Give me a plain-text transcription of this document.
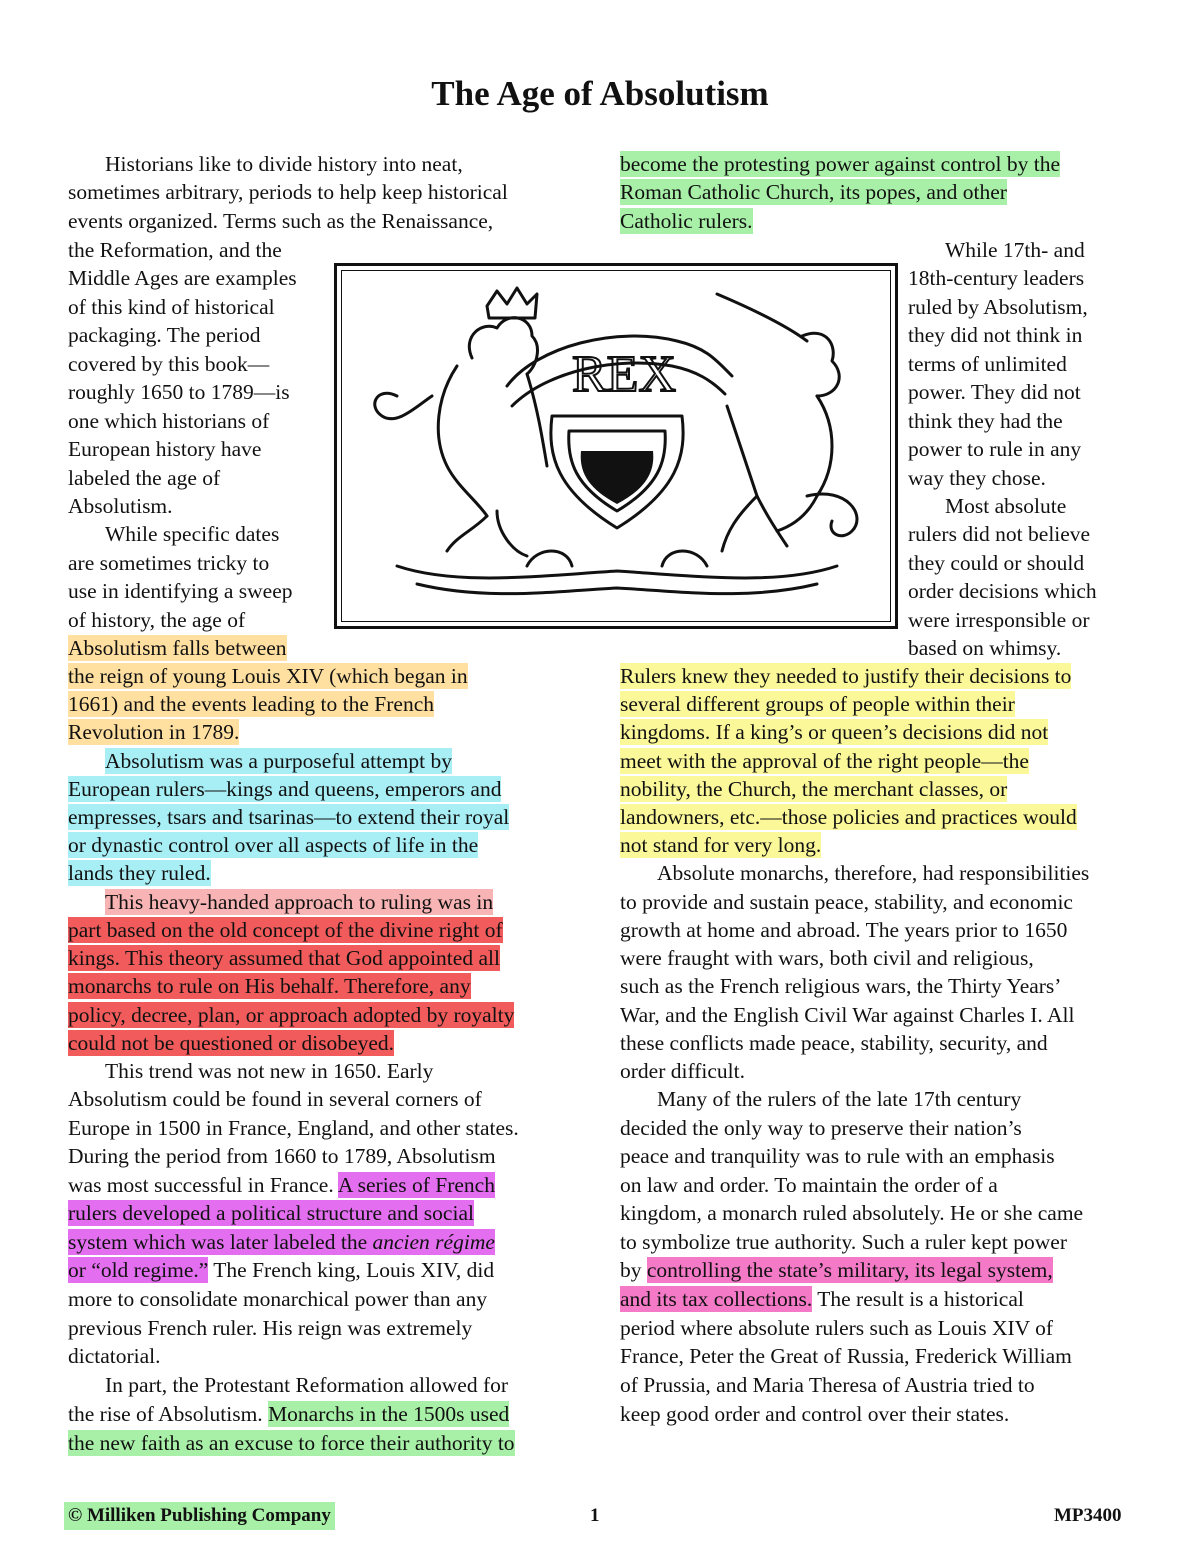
The Age of Absolutism
Historians like to divide history into neat,
sometimes arbitrary, periods to help keep historical
events organized. Terms such as the Renaissance,
the Reformation, and the
Middle Ages are examples
of this kind of historical
packaging. The period
covered by this book—
roughly 1650 to 1789—is
one which historians of
European history have
labeled the age of
Absolutism.
While specific dates
are sometimes tricky to
use in identifying a sweep
of history, the age of
Absolutism falls between
the reign of young Louis XIV (which began in
1661) and the events leading to the French
Revolution in 1789.
Absolutism was a purposeful attempt by
European rulers—kings and queens, emperors and
empresses, tsars and tsarinas—to extend their royal
or dynastic control over all aspects of life in the
lands they ruled.
This heavy-handed approach to ruling was in
part based on the old concept of the divine right of
kings. This theory assumed that God appointed all
monarchs to rule on His behalf. Therefore, any
policy, decree, plan, or approach adopted by royalty
could not be questioned or disobeyed.
This trend was not new in 1650. Early
Absolutism could be found in several corners of
Europe in 1500 in France, England, and other states.
During the period from 1660 to 1789, Absolutism
was most successful in France. A series of French
rulers developed a political structure and social
system which was later labeled the ancien régime
or “old regime.” The French king, Louis XIV, did
more to consolidate monarchical power than any
previous French ruler. His reign was extremely
dictatorial.
In part, the Protestant Reformation allowed for
the rise of Absolutism. Monarchs in the 1500s used
the new faith as an excuse to force their authority to
REX
become the protesting power against control by the
Roman Catholic Church, its popes, and other
Catholic rulers.
While 17th- and
18th-century leaders
ruled by Absolutism,
they did not think in
terms of unlimited
power. They did not
think they had the
power to rule in any
way they chose.
Most absolute
rulers did not believe
they could or should
order decisions which
were irresponsible or
based on whimsy.
Rulers knew they needed to justify their decisions to
several different groups of people within their
kingdoms. If a king’s or queen’s decisions did not
meet with the approval of the right people—the
nobility, the Church, the merchant classes, or
landowners, etc.—those policies and practices would
not stand for very long.
Absolute monarchs, therefore, had responsibilities
to provide and sustain peace, stability, and economic
growth at home and abroad. The years prior to 1650
were fraught with wars, both civil and religious,
such as the French religious wars, the Thirty Years’
War, and the English Civil War against Charles I. All
these conflicts made peace, stability, security, and
order difficult.
Many of the rulers of the late 17th century
decided the only way to preserve their nation’s
peace and tranquility was to rule with an emphasis
on law and order. To maintain the order of a
kingdom, a monarch ruled absolutely. He or she came
to symbolize true authority. Such a ruler kept power
by controlling the state’s military, its legal system,
and its tax collections. The result is a historical
period where absolute rulers such as Louis XIV of
France, Peter the Great of Russia, Frederick William
of Prussia, and Maria Theresa of Austria tried to
keep good order and control over their states.
© Milliken Publishing Company	1	MP3400
